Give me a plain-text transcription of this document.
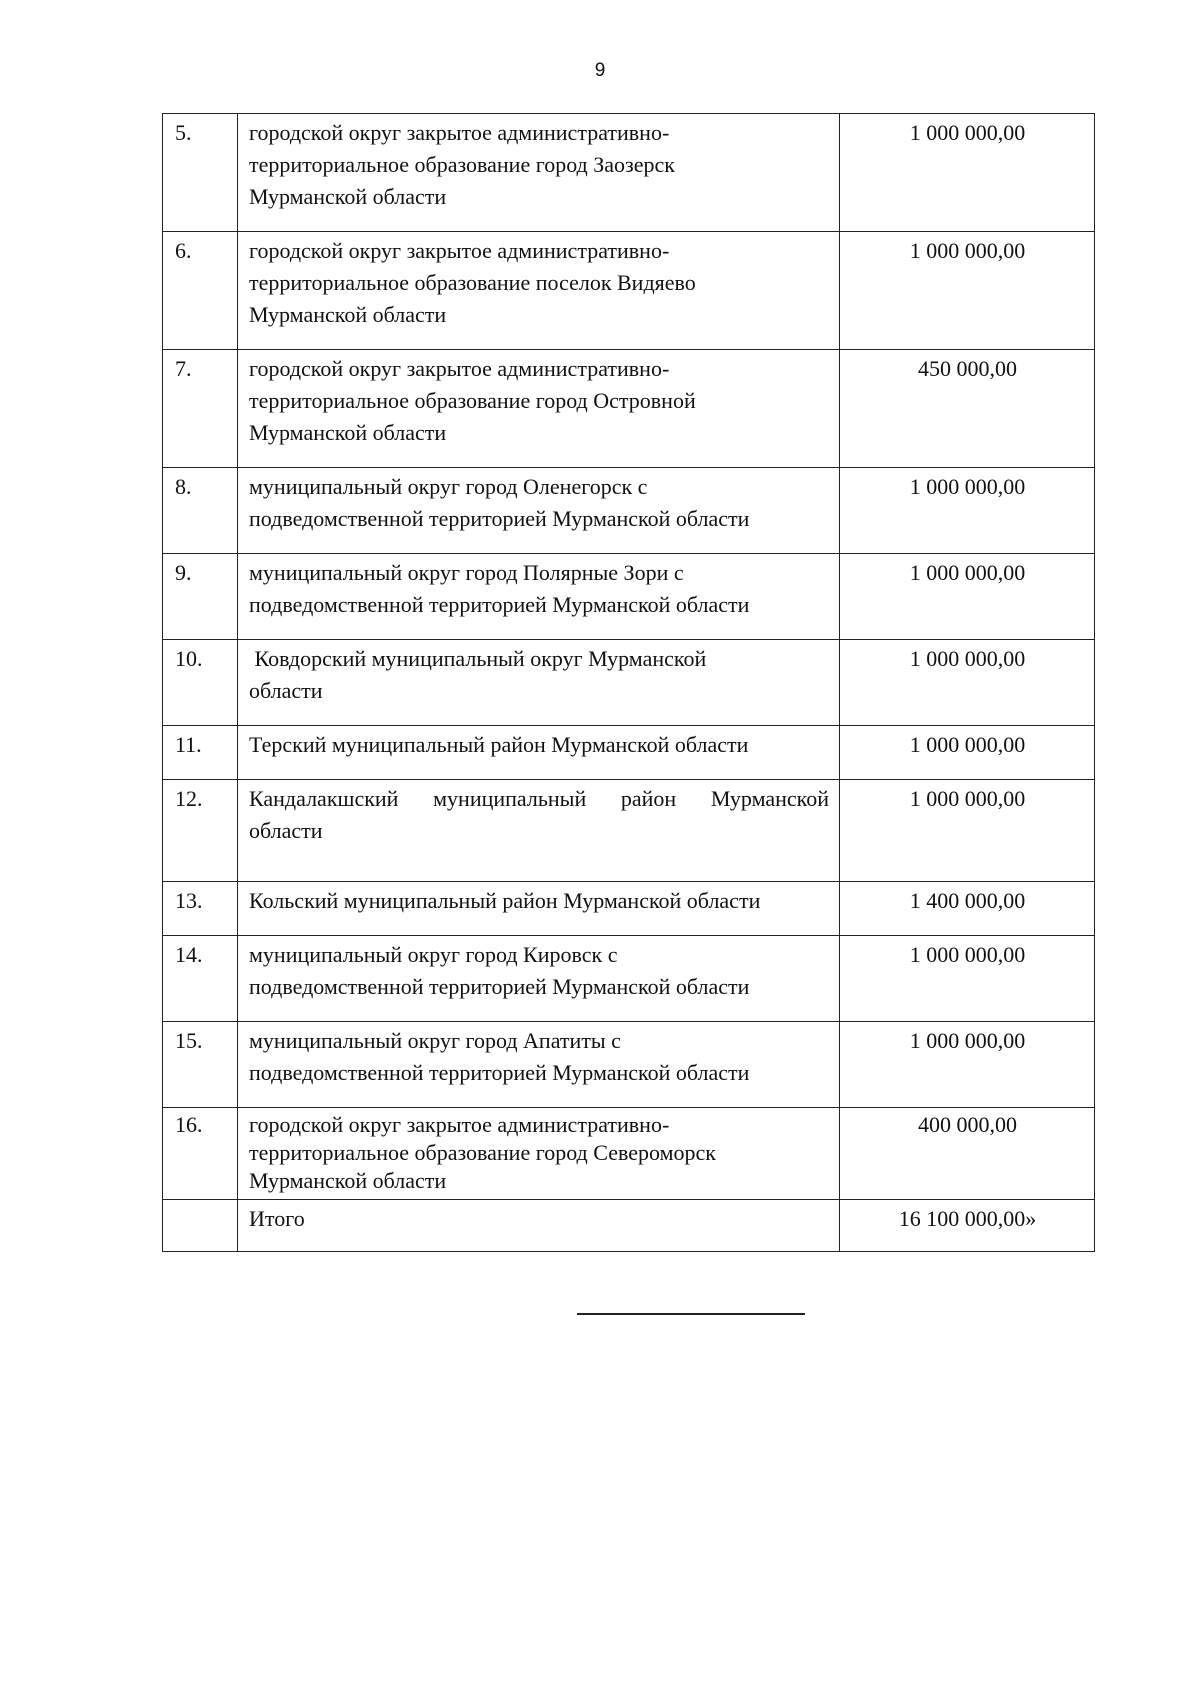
9
5.	городской округ закрытое административно-
территориальное образование город Заозерск
Мурманской области	1 000 000,00
6.	городской округ закрытое административно-
территориальное образование поселок Видяево
Мурманской области	1 000 000,00
7.	городской округ закрытое административно-
территориальное образование город Островной
Мурманской области	450 000,00
8.	муниципальный округ город Оленегорск с
подведомственной территорией Мурманской области	1 000 000,00
9.	муниципальный округ город Полярные Зори с
подведомственной территорией Мурманской области	1 000 000,00
10.	Ковдорский муниципальный округ Мурманской
области	1 000 000,00
11.	Терский муниципальный район Мурманской области	1 000 000,00
12.	Кандалакшский муниципальный район Мурманской
области	1 000 000,00
13.	Кольский муниципальный район Мурманской области	1 400 000,00
14.	муниципальный округ город Кировск с
подведомственной территорией Мурманской области	1 000 000,00
15.	муниципальный округ город Апатиты с
подведомственной территорией Мурманской области	1 000 000,00
16.	городской округ закрытое административно-
территориальное образование город Североморск
Мурманской области	400 000,00
	Итого	16 100 000,00»
